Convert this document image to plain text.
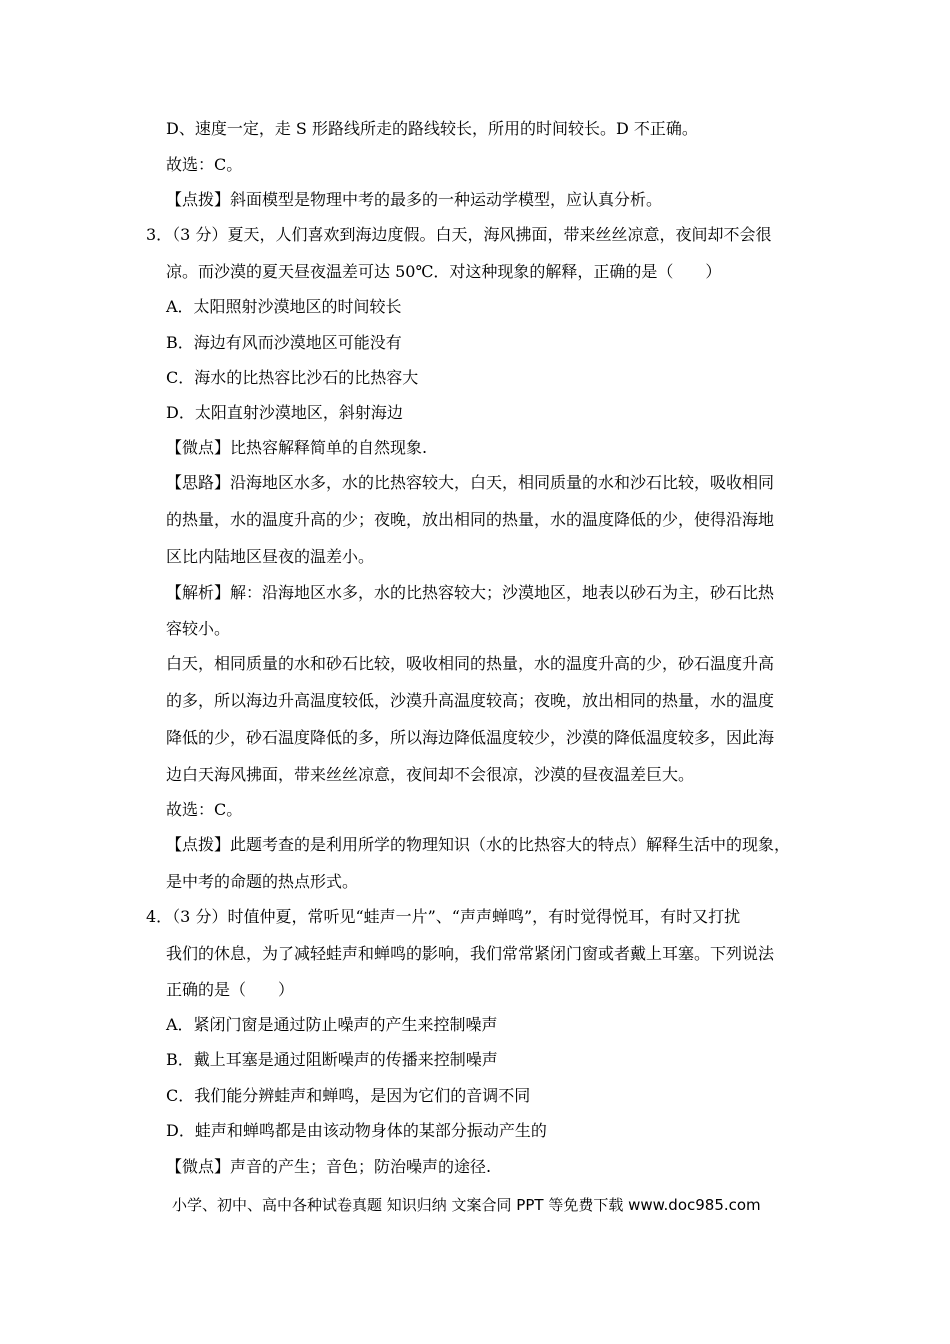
D、速度一定，走 S 形路线所走的路线较长，所用的时间较长。D 不正确。
故选：C。
【点拨】斜面模型是物理中考的最多的一种运动学模型，应认真分析。
3．（3 分）夏天，人们喜欢到海边度假。白天，海风拂面，带来丝丝凉意，夜间却不会很
凉。而沙漠的夏天昼夜温差可达 50℃．对这种现象的解释，正确的是（　　）
A．太阳照射沙漠地区的时间较长
B．海边有风而沙漠地区可能没有
C．海水的比热容比沙石的比热容大
D．太阳直射沙漠地区，斜射海边
【微点】比热容解释简单的自然现象.
【思路】沿海地区水多，水的比热容较大，白天，相同质量的水和沙石比较，吸收相同
的热量，水的温度升高的少；夜晚，放出相同的热量，水的温度降低的少，使得沿海地
区比内陆地区昼夜的温差小。
【解析】解：沿海地区水多，水的比热容较大；沙漠地区，地表以砂石为主，砂石比热
容较小。
白天，相同质量的水和砂石比较，吸收相同的热量，水的温度升高的少，砂石温度升高
的多，所以海边升高温度较低，沙漠升高温度较高；夜晚，放出相同的热量，水的温度
降低的少，砂石温度降低的多，所以海边降低温度较少，沙漠的降低温度较多，因此海
边白天海风拂面，带来丝丝凉意，夜间却不会很凉，沙漠的昼夜温差巨大。
故选：C。
【点拨】此题考查的是利用所学的物理知识（水的比热容大的特点）解释生活中的现象，
是中考的命题的热点形式。
4．（3 分）时值仲夏，常听见“蛙声一片”、“声声蝉鸣”，有时觉得悦耳，有时又打扰
我们的休息，为了减轻蛙声和蝉鸣的影响，我们常常紧闭门窗或者戴上耳塞。下列说法
正确的是（　　）
A．紧闭门窗是通过防止噪声的产生来控制噪声
B．戴上耳塞是通过阻断噪声的传播来控制噪声
C．我们能分辨蛙声和蝉鸣，是因为它们的音调不同
D．蛙声和蝉鸣都是由该动物身体的某部分振动产生的
【微点】声音的产生；音色；防治噪声的途径.
小学、初中、高中各种试卷真题 知识归纳 文案合同 PPT 等免费下载 www.doc985.com
